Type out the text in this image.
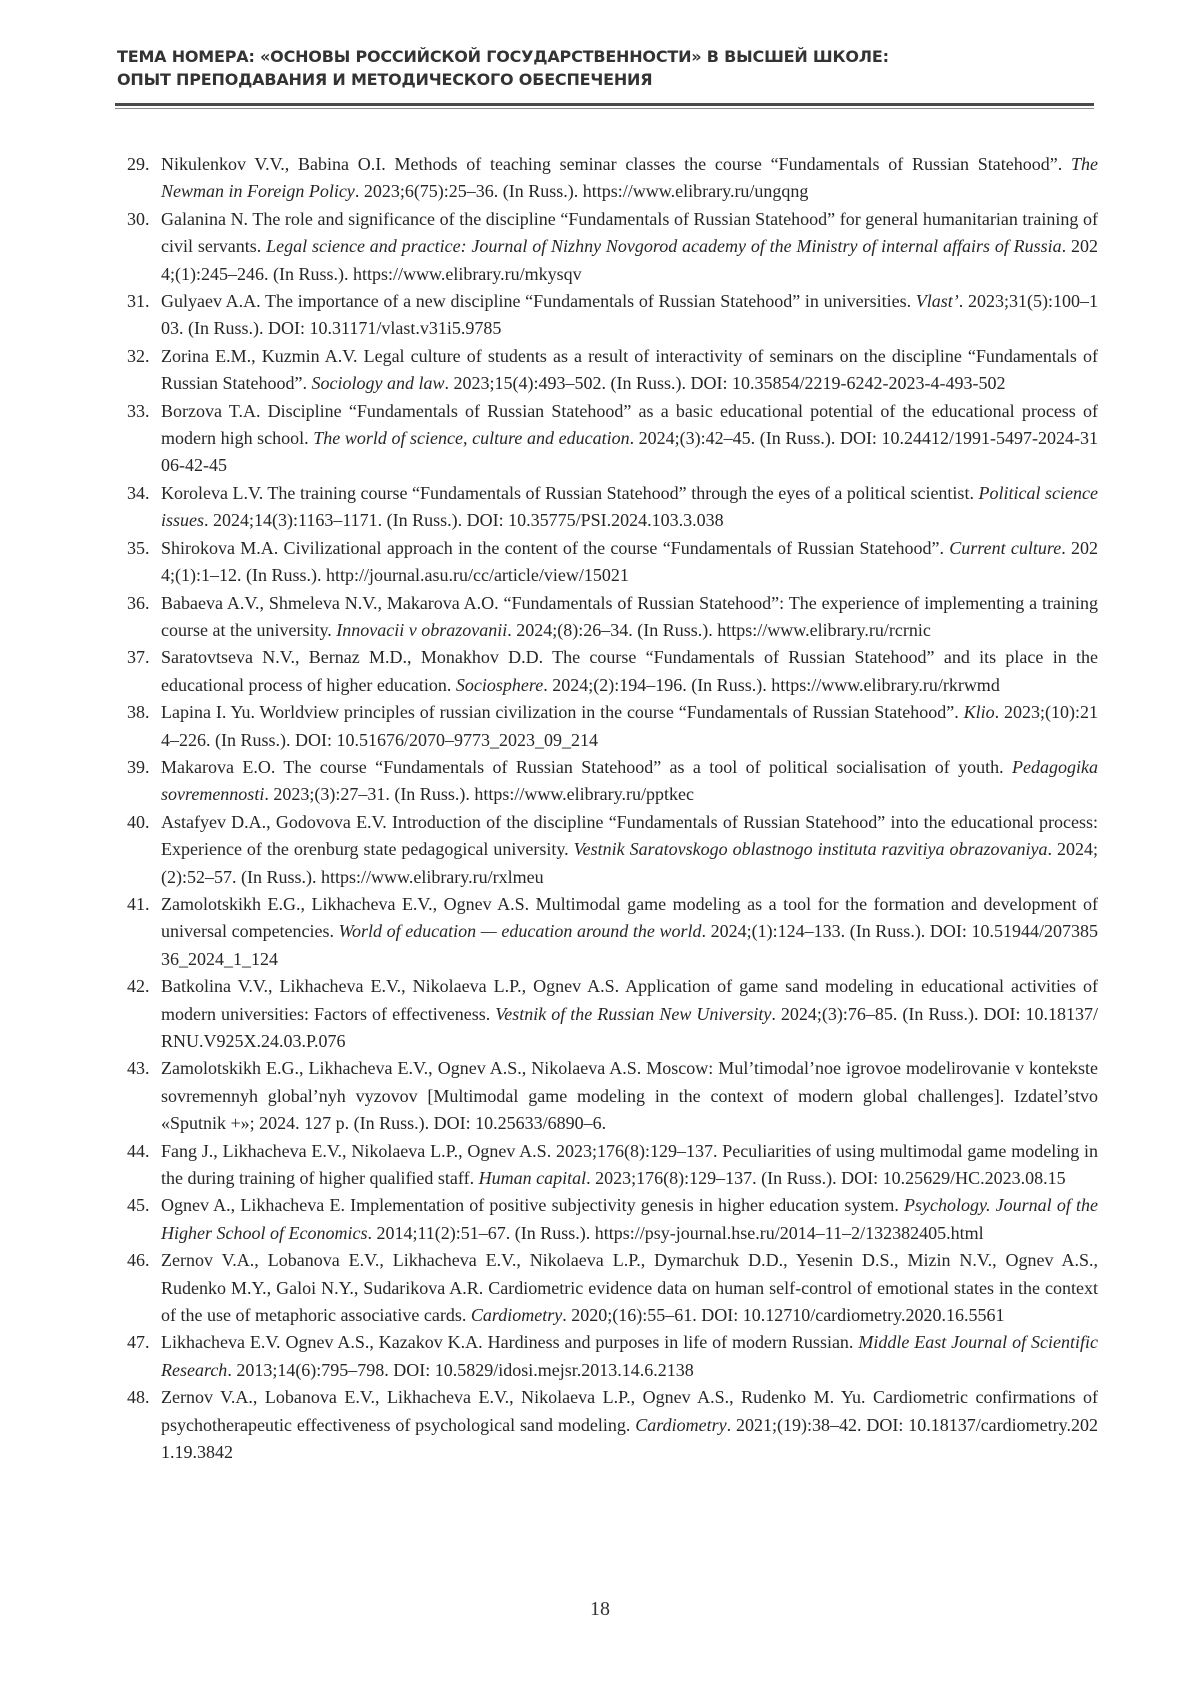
ТЕМА НОМЕРА: «ОСНОВЫ РОССИЙСКОЙ ГОСУДАРСТВЕННОСТИ» В ВЫСШЕЙ ШКОЛЕ:
ОПЫТ ПРЕПОДАВАНИЯ И МЕТОДИЧЕСКОГО ОБЕСПЕЧЕНИЯ
29. Nikulenkov V.V., Babina O.I. Methods of teaching seminar classes the course “Fundamentals of Russian Statehood”. The Newman in Foreign Policy. 2023;6(75):25–36. (In Russ.). https://www.elibrary.ru/ungqng
30. Galanina N. The role and significance of the discipline “Fundamentals of Russian Statehood” for general humanitarian training of civil servants. Legal science and practice: Journal of Nizhny Novgorod academy of the Ministry of internal affairs of Russia. 2024;(1):245–246. (In Russ.). https://www.elibrary.ru/mkysqv
31. Gulyaev A.A. The importance of a new discipline “Fundamentals of Russian Statehood” in universities. Vlast’. 2023;31(5):100–103. (In Russ.). DOI: 10.31171/vlast.v31i5.9785
32. Zorina E.M., Kuzmin A.V. Legal culture of students as a result of interactivity of seminars on the discipline “Fundamentals of Russian Statehood”. Sociology and law. 2023;15(4):493–502. (In Russ.). DOI: 10.35854/2219-6242-2023-4-493-502
33. Borzova T.A. Discipline “Fundamentals of Russian Statehood” as a basic educational potential of the educational process of modern high school. The world of science, culture and education. 2024;(3):42–45. (In Russ.). DOI: 10.24412/1991-5497-2024-3106-42-45
34. Koroleva L.V. The training course “Fundamentals of Russian Statehood” through the eyes of a political scientist. Political science issues. 2024;14(3):1163–1171. (In Russ.). DOI: 10.35775/PSI.2024.103.3.038
35. Shirokova M.A. Civilizational approach in the content of the course “Fundamentals of Russian Statehood”. Current culture. 2024;(1):1–12. (In Russ.). http://journal.asu.ru/cc/article/view/15021
36. Babaeva A.V., Shmeleva N.V., Makarova A.O. “Fundamentals of Russian Statehood”: The experience of implementing a training course at the university. Innovacii v obrazovanii. 2024;(8):26–34. (In Russ.). https://www.elibrary.ru/rcrnic
37. Saratovtseva N.V., Bernaz M.D., Monakhov D.D. The course “Fundamentals of Russian Statehood” and its place in the educational process of higher education. Sociosphere. 2024;(2):194–196. (In Russ.). https://www.elibrary.ru/rkrwmd
38. Lapina I. Yu. Worldview principles of russian civilization in the course “Fundamentals of Russian Statehood”. Klio. 2023;(10):214–226. (In Russ.). DOI: 10.51676/2070–9773_2023_09_214
39. Makarova E.O. The course “Fundamentals of Russian Statehood” as a tool of political socialisation of youth. Pedagogika sovremennosti. 2023;(3):27–31. (In Russ.). https://www.elibrary.ru/pptkec
40. Astafyev D.A., Godovova E.V. Introduction of the discipline “Fundamentals of Russian Statehood” into the educational process: Experience of the orenburg state pedagogical university. Vestnik Saratovskogo oblastnogo instituta razvitiya obrazovaniya. 2024;(2):52–57. (In Russ.). https://www.elibrary.ru/rxlmeu
41. Zamolotskikh E.G., Likhacheva E.V., Ognev A.S. Multimodal game modeling as a tool for the formation and development of universal competencies. World of education — education around the world. 2024;(1):124–133. (In Russ.). DOI: 10.51944/20738536_2024_1_124
42. Batkolina V.V., Likhacheva E.V., Nikolaeva L.P., Ognev A.S. Application of game sand modeling in educational activities of modern universities: Factors of effectiveness. Vestnik of the Russian New University. 2024;(3):76–85. (In Russ.). DOI: 10.18137/RNU.V925X.24.03.P.076
43. Zamolotskikh E.G., Likhacheva E.V., Ognev A.S., Nikolaeva A.S. Moscow: Mul’timodal’noe igrovoe modelirovanie v kontekste sovremennyh global’nyh vyzovov [Multimodal game modeling in the context of modern global challenges]. Izdatel’stvo «Sputnik +»; 2024. 127 p. (In Russ.). DOI: 10.25633/6890–6.
44. Fang J., Likhacheva E.V., Nikolaeva L.P., Ognev A.S. 2023;176(8):129–137. Peculiarities of using multimodal game modeling in the during training of higher qualified staff. Human capital. 2023;176(8):129–137. (In Russ.). DOI: 10.25629/HC.2023.08.15
45. Ognev A., Likhacheva E. Implementation of positive subjectivity genesis in higher education system. Psychology. Journal of the Higher School of Economics. 2014;11(2):51–67. (In Russ.). https://psy-journal.hse.ru/2014–11–2/132382405.html
46. Zernov V.A., Lobanova E.V., Likhacheva E.V., Nikolaeva L.P., Dymarchuk D.D., Yesenin D.S., Mizin N.V., Ognev A.S., Rudenko M.Y., Galoi N.Y., Sudarikova A.R. Cardiometric evidence data on human self-control of emotional states in the context of the use of metaphoric associative cards. Cardiometry. 2020;(16):55–61. DOI: 10.12710/cardiometry.2020.16.5561
47. Likhacheva E.V. Ognev A.S., Kazakov K.A. Hardiness and purposes in life of modern Russian. Middle East Journal of Scientific Research. 2013;14(6):795–798. DOI: 10.5829/idosi.mejsr.2013.14.6.2138
48. Zernov V.A., Lobanova E.V., Likhacheva E.V., Nikolaeva L.P., Ognev A.S., Rudenko M. Yu. Cardiometric confirmations of psychotherapeutic effectiveness of psychological sand modeling. Cardiometry. 2021;(19):38–42. DOI: 10.18137/cardiometry.2021.19.3842
18
